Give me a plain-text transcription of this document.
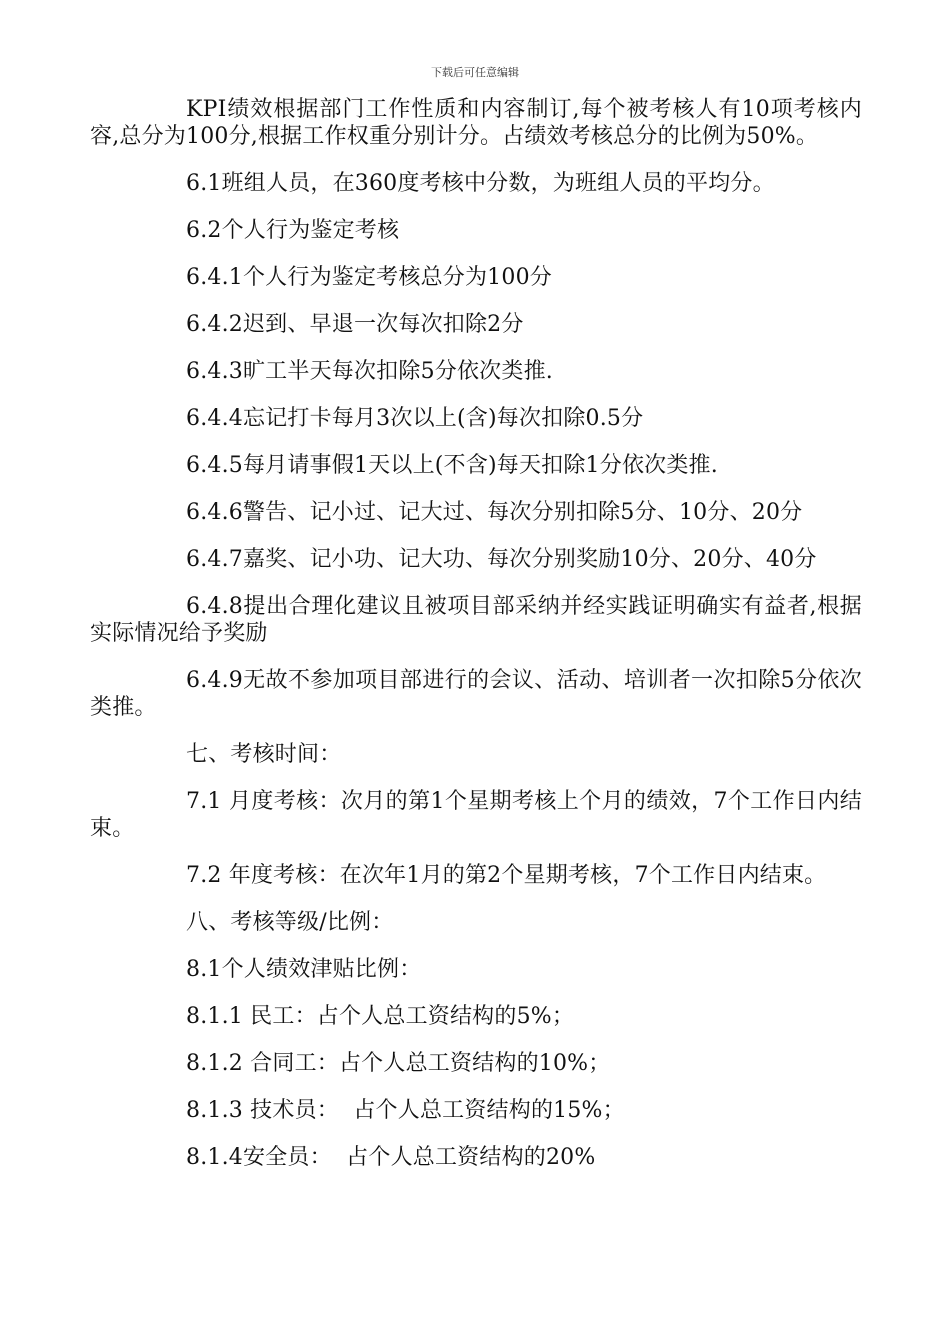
下载后可任意编辑

KPI绩效根据部门工作性质和内容制订,每个被考核人有10项考核内容,总分为100分,根据工作权重分别计分。占绩效考核总分的比例为50%。

6.1班组人员，在360度考核中分数，为班组人员的平均分。

6.2个人行为鉴定考核

6.4.1个人行为鉴定考核总分为100分

6.4.2迟到、早退一次每次扣除2分

6.4.3旷工半天每次扣除5分依次类推.

6.4.4忘记打卡每月3次以上(含)每次扣除0.5分

6.4.5每月请事假1天以上(不含)每天扣除1分依次类推.

6.4.6警告、记小过、记大过、每次分别扣除5分、10分、20分

6.4.7嘉奖、记小功、记大功、每次分别奖励10分、20分、40分

6.4.8提出合理化建议且被项目部采纳并经实践证明确实有益者,根据实际情况给予奖励

6.4.9无故不参加项目部进行的会议、活动、培训者一次扣除5分依次类推。

七、考核时间：

7.1 月度考核：次月的第1个星期考核上个月的绩效，7个工作日内结束。

7.2 年度考核：在次年1月的第2个星期考核，7个工作日内结束。

八、考核等级/比例：

8.1个人绩效津贴比例：

8.1.1 民工：占个人总工资结构的5%；

8.1.2 合同工：占个人总工资结构的10%；

8.1.3 技术员：  占个人总工资结构的15%；

8.1.4安全员：  占个人总工资结构的20%
